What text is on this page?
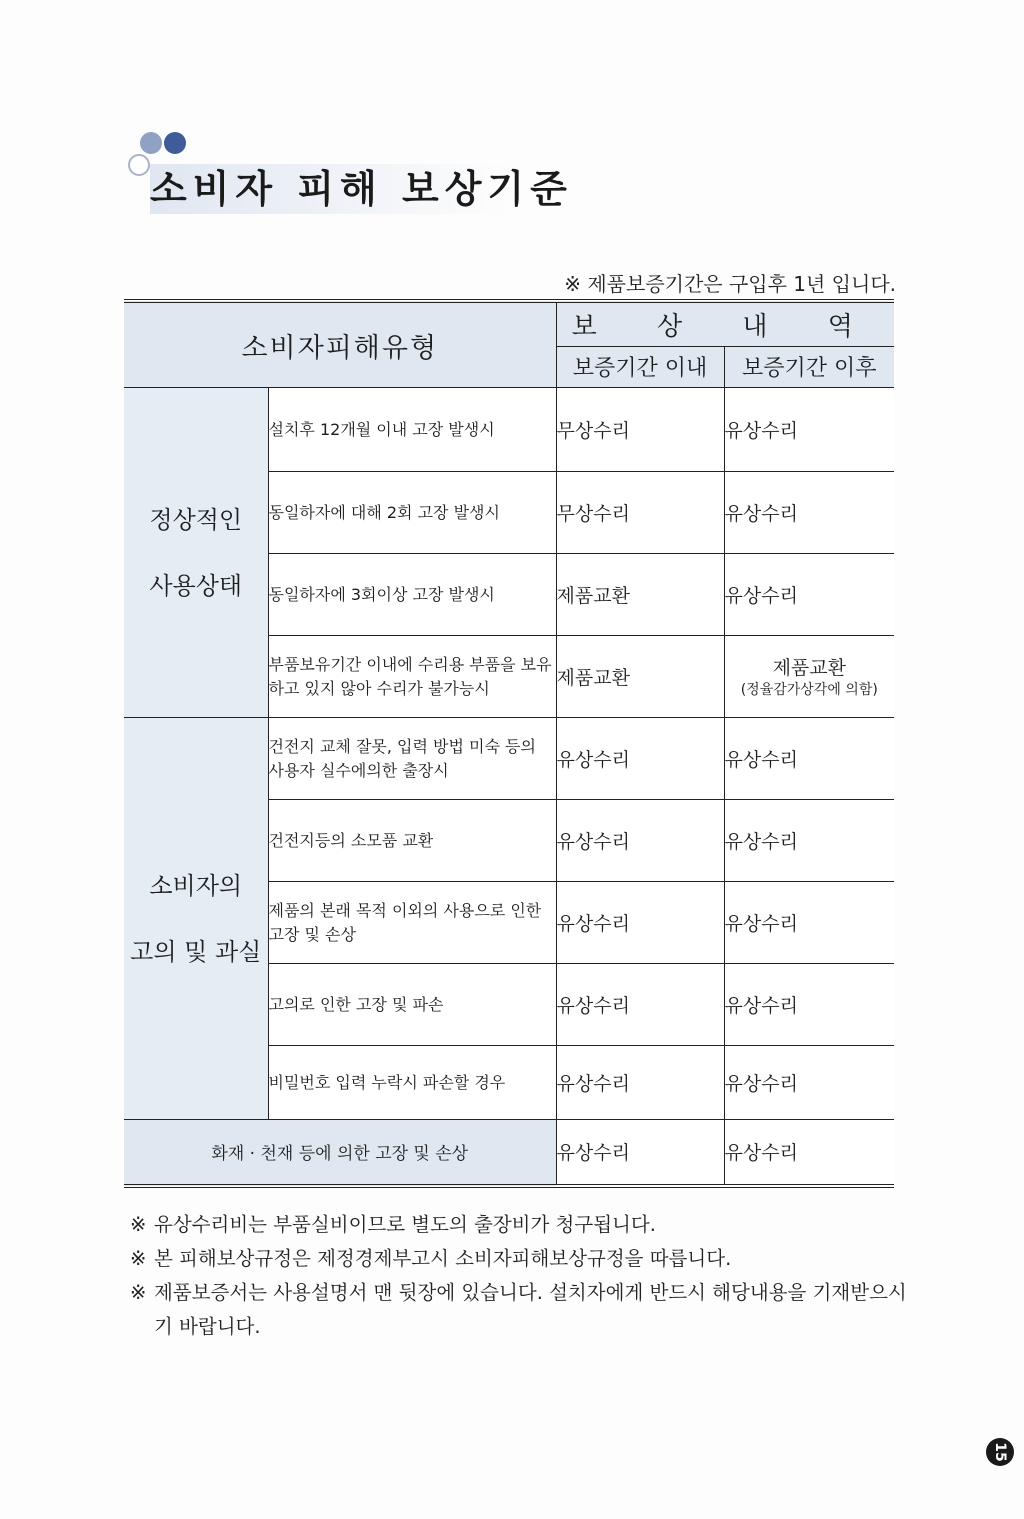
소비자 피해 보상기준
※ 제품보증기간은 구입후 1년 입니다.
소비자피해유형		보 상 내 역	
		보증기간 이내	보증기간 이후

정상적인
사용상태	설치후 12개월 이내 고장 발생시	무상수리	유상수리
	동일하자에 대해 2회 고장 발생시	무상수리	유상수리
	동일하자에 3회이상 고장 발생시	제품교환	유상수리
	부품보유기간 이내에 수리용 부품을 보유하고 있지 않아 수리가 불가능시	제품교환	제품교환
(정율감가상각에 의함)

소비자의
고의 및 과실	건전지 교체 잘못, 입력 방법 미숙 등의 사용자 실수에의한 출장시	유상수리	유상수리
	건전지등의 소모품 교환	유상수리	유상수리
	제품의 본래 목적 이외의 사용으로 인한 고장 및 손상	유상수리	유상수리
	고의로 인한 고장 및 파손	유상수리	유상수리
	비밀번호 입력 누락시 파손할 경우	유상수리	유상수리
화재 · 천재 등에 의한 고장 및 손상		유상수리	유상수리
※ 유상수리비는 부품실비이므로 별도의 출장비가 청구됩니다.
※ 본 피해보상규정은 제정경제부고시 소비자피해보상규정을 따릅니다.
※ 제품보증서는 사용설명서 맨 뒷장에 있습니다. 설치자에게 반드시 해당내용을 기재받으시기 바랍니다.
15
